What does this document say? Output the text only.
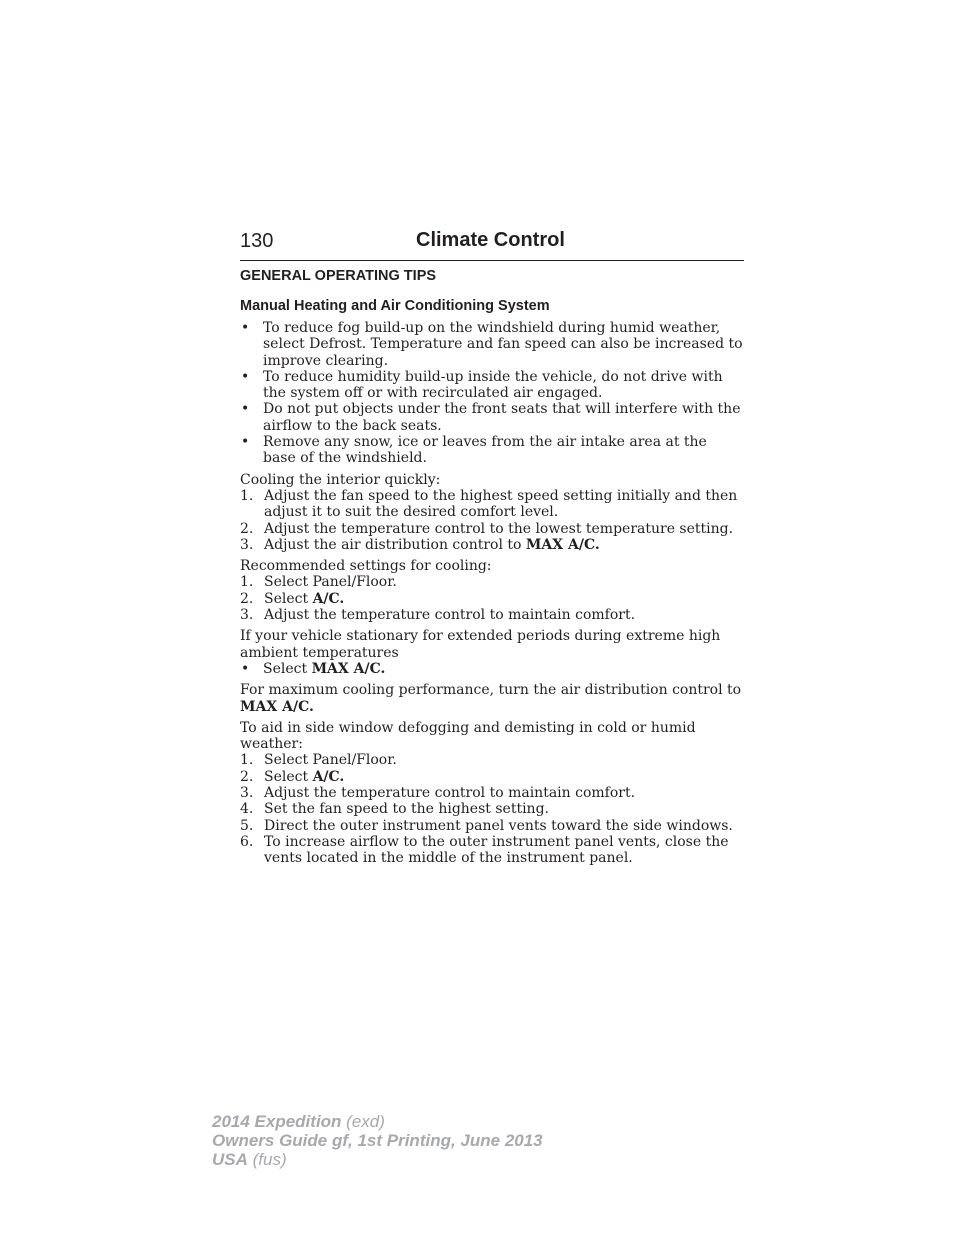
130	Climate Control
GENERAL OPERATING TIPS
Manual Heating and Air Conditioning System
• To reduce fog build-up on the windshield during humid weather, select Defrost. Temperature and fan speed can also be increased to improve clearing.
• To reduce humidity build-up inside the vehicle, do not drive with the system off or with recirculated air engaged.
• Do not put objects under the front seats that will interfere with the airflow to the back seats.
• Remove any snow, ice or leaves from the air intake area at the base of the windshield.

Cooling the interior quickly:

1. Adjust the fan speed to the highest speed setting initially and then adjust it to suit the desired comfort level.
2. Adjust the temperature control to the lowest temperature setting.
3. Adjust the air distribution control to MAX A/C.

Recommended settings for cooling:

1. Select Panel/Floor.
2. Select A/C.
3. Adjust the temperature control to maintain comfort.

If your vehicle stationary for extended periods during extreme high ambient temperatures

• Select MAX A/C.

For maximum cooling performance, turn the air distribution control to MAX A/C.

To aid in side window defogging and demisting in cold or humid weather:

1. Select Panel/Floor.
2. Select A/C.
3. Adjust the temperature control to maintain comfort.
4. Set the fan speed to the highest setting.
5. Direct the outer instrument panel vents toward the side windows.
6. To increase airflow to the outer instrument panel vents, close the vents located in the middle of the instrument panel.
2014 Expedition (exd)
Owners Guide gf, 1st Printing, June 2013
USA (fus)
